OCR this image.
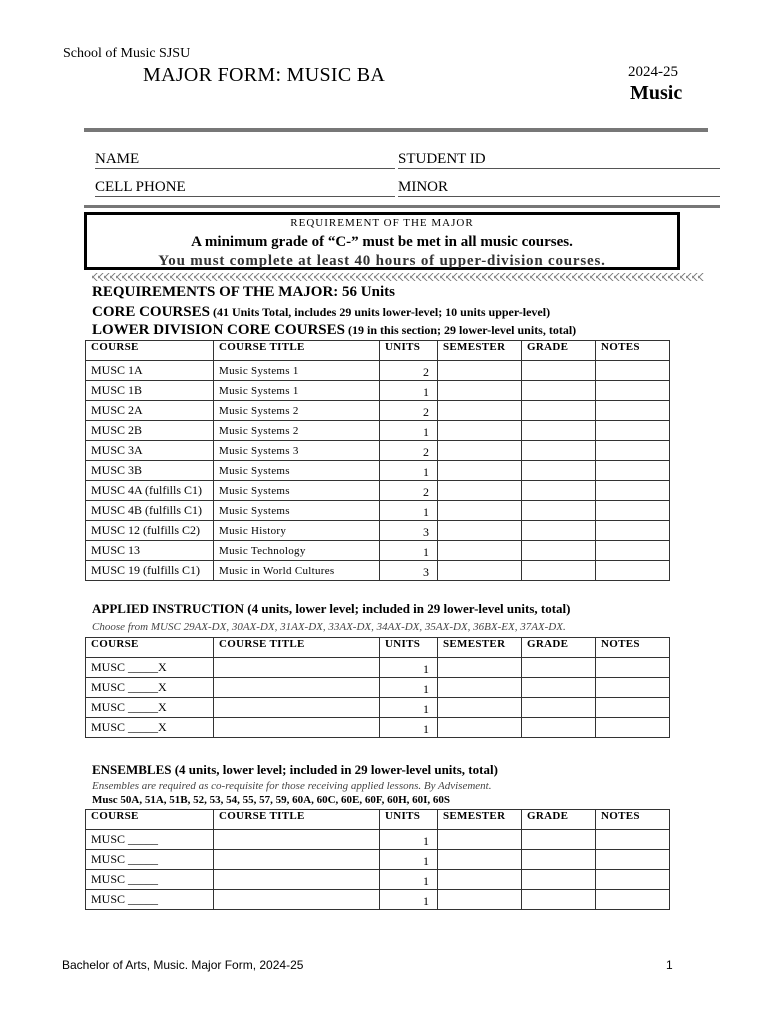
School of Music SJSU
MAJOR FORM: MUSIC BA	2024-25
Music
NAME	STUDENT ID
CELL PHONE	MINOR
REQUIREMENT OF THE MAJOR
A minimum grade of “C-” must be met in all music courses.
You must complete at least 40 hours of upper-division courses.
REQUIREMENTS OF THE MAJOR: 56 Units
CORE COURSES (41 Units Total, includes 29 units lower-level; 10 units upper-level)
LOWER DIVISION CORE COURSES (19 in this section; 29 lower-level units, total)
COURSE	COURSE TITLE	UNITS	SEMESTER	GRADE	NOTES
MUSC 1A	Music Systems 1	2			
MUSC 1B	Music Systems 1	1			
MUSC 2A	Music Systems 2	2			
MUSC 2B	Music Systems 2	1			
MUSC 3A	Music Systems 3	2			
MUSC 3B	Music Systems	1			
MUSC 4A (fulfills C1)	Music Systems	2			
MUSC 4B (fulfills C1)	Music Systems	1			
MUSC 12 (fulfills C2)	Music History	3			
MUSC 13	Music Technology	1			
MUSC 19 (fulfills C1)	Music in World Cultures	3			
APPLIED INSTRUCTION (4 units, lower level; included in 29 lower-level units, total)
Choose from MUSC 29AX-DX, 30AX-DX, 31AX-DX, 33AX-DX, 34AX-DX, 35AX-DX, 36BX-EX, 37AX-DX.
COURSE	COURSE TITLE	UNITS	SEMESTER	GRADE	NOTES
MUSC _____X		1			
MUSC _____X		1			
MUSC _____X		1			
MUSC _____X		1			
ENSEMBLES (4 units, lower level; included in 29 lower-level units, total)
Ensembles are required as co-requisite for those receiving applied lessons. By Advisement.
Musc 50A, 51A, 51B, 52, 53, 54, 55, 57, 59, 60A, 60C, 60E, 60F, 60H, 60I, 60S
COURSE	COURSE TITLE	UNITS	SEMESTER	GRADE	NOTES
MUSC _____		1			
MUSC _____		1			
MUSC _____		1			
MUSC _____		1			
Bachelor of Arts, Music. Major Form, 2024-25	1
